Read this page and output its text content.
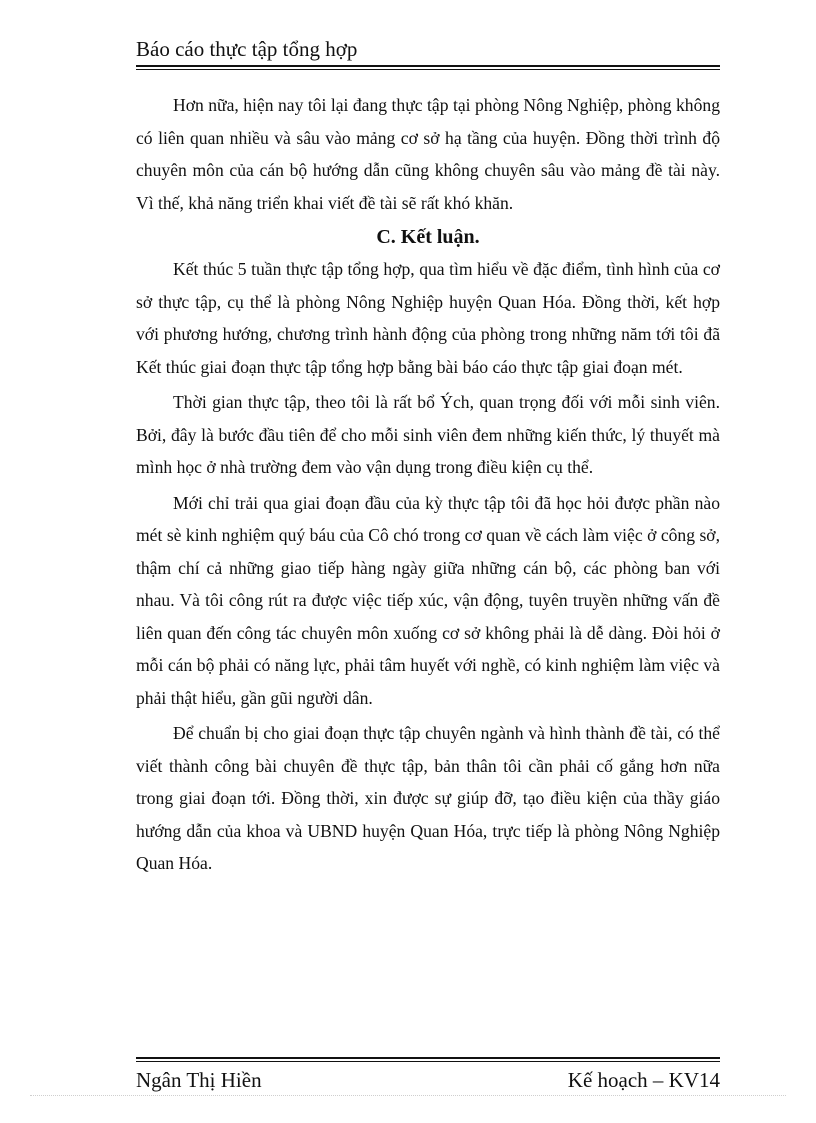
Báo cáo thực tập tổng hợp

Hơn nữa, hiện nay tôi lại đang thực tập tại phòng Nông Nghiệp, phòng không có liên quan nhiều và sâu vào mảng cơ sở hạ tầng của huyện. Đồng thời trình độ chuyên môn của cán bộ hướng dẫn cũng không chuyên sâu vào mảng đề tài này. Vì thế, khả năng triển khai viết đề tài sẽ rất khó khăn.

C. Kết luận.

Kết thúc 5 tuần thực tập tổng hợp, qua tìm hiểu về đặc điểm, tình hình của cơ sở thực tập, cụ thể là phòng Nông Nghiệp huyện Quan Hóa. Đồng thời, kết hợp với phương hướng, chương trình hành động của phòng trong những năm tới tôi đã Kết thúc giai đoạn thực tập tổng hợp bằng bài báo cáo thực tập giai đoạn mét.

Thời gian thực tập, theo tôi là rất bổ Ých, quan trọng đối với mỗi sinh viên. Bởi, đây là bước đầu tiên để cho mỗi sinh viên đem những kiến thức, lý thuyết mà mình học ở nhà trường đem vào vận dụng trong điều kiện cụ thể.

Mới chỉ trải qua giai đoạn đầu của kỳ thực tập tôi đã học hỏi được phần nào mét sè kinh nghiệm quý báu của Cô chó trong cơ quan về cách làm việc ở công sở, thậm chí cả những giao tiếp hàng ngày giữa những cán bộ, các phòng ban với nhau. Và tôi công rút ra được việc tiếp xúc, vận động, tuyên truyền những vấn đề liên quan đến công tác chuyên môn xuống cơ sở không phải là dễ dàng. Đòi hỏi ở mỗi cán bộ phải có năng lực, phải tâm huyết với nghề, có kinh nghiệm làm việc và phải thật hiểu, gần gũi người dân.

Để chuẩn bị cho giai đoạn thực tập chuyên ngành và hình thành đề tài, có thể viết thành công bài chuyên đề thực tập, bản thân tôi cần phải cố gắng hơn nữa trong giai đoạn tới. Đồng thời, xin được sự giúp đỡ, tạo điều kiện của thầy giáo hướng dẫn của khoa và UBND huyện Quan Hóa, trực tiếp là phòng Nông Nghiệp Quan Hóa.

Ngân Thị Hiền	Kế hoạch – KV14
